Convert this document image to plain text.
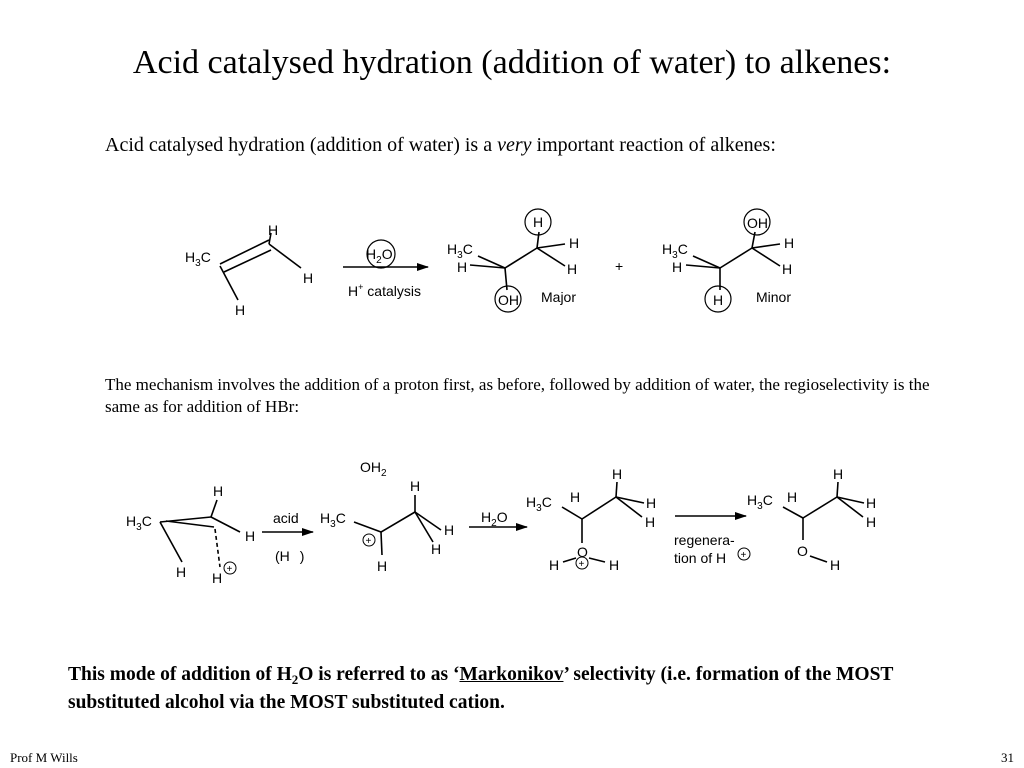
Acid catalysed hydration (addition of water) to alkenes:
Acid catalysed hydration (addition of water) is a very important reaction of alkenes:
$H_3C$
H
H
H
$H_2O$
H+ catalysis
$H_3C$
H
H
H
H
OH Major
+
$H_3C$
H
OH
H
H
H Minor
$H_3C$
H
H
H H
+
acid
(H )
$OH_2$
$H_3C$
H
H
H
H
+
$H_2O$
$H_3C$ H
H
H
H
O
H	H
+
regenera-
tion of H +
$H_3C$ H
H
H
H
O
H
The mechanism involves the addition of a proton first, as before, followed by addition of water, the regioselectivity is the same as for addition of HBr:
This mode of addition of $H_2O$ is referred to as ‘Markonikov’ selectivity (i.e. formation of the MOST substituted alcohol via the MOST substituted cation.
Prof M Wills	31
